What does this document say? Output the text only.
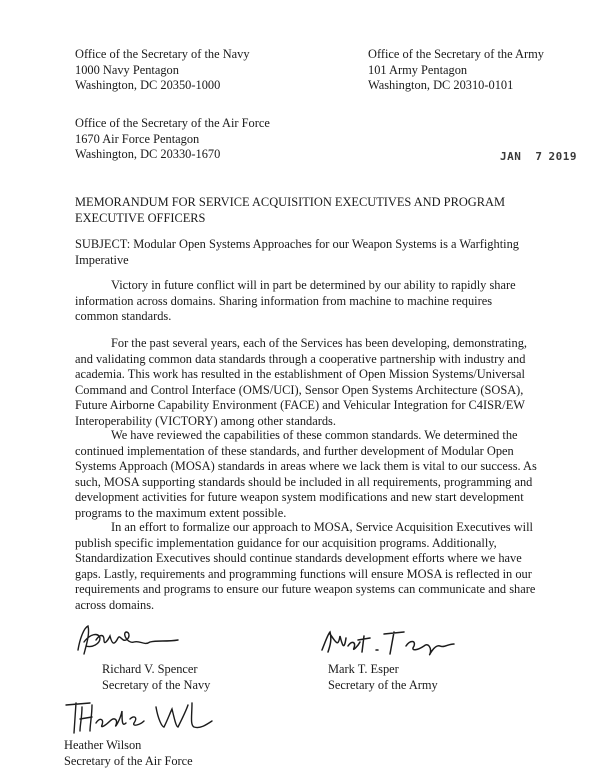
Office of the Secretary of the Navy
1000 Navy Pentagon
Washington, DC 20350-1000
Office of the Secretary of the Army
101 Army Pentagon
Washington, DC 20310-0101
Office of the Secretary of the Air Force
1670 Air Force Pentagon
Washington, DC 20330-1670	JAN 7 2019
MEMORANDUM FOR SERVICE ACQUISITION EXECUTIVES AND PROGRAM EXECUTIVE OFFICERS
SUBJECT: Modular Open Systems Approaches for our Weapon Systems is a Warfighting Imperative
Victory in future conflict will in part be determined by our ability to rapidly share information across domains. Sharing information from machine to machine requires common standards.
For the past several years, each of the Services has been developing, demonstrating, and validating common data standards through a cooperative partnership with industry and academia. This work has resulted in the establishment of Open Mission Systems/Universal Command and Control Interface (OMS/UCI), Sensor Open Systems Architecture (SOSA), Future Airborne Capability Environment (FACE) and Vehicular Integration for C4ISR/EW Interoperability (VICTORY) among other standards.
We have reviewed the capabilities of these common standards. We determined the continued implementation of these standards, and further development of Modular Open Systems Approach (MOSA) standards in areas where we lack them is vital to our success. As such, MOSA supporting standards should be included in all requirements, programming and development activities for future weapon system modifications and new start development programs to the maximum extent possible.
In an effort to formalize our approach to MOSA, Service Acquisition Executives will publish specific implementation guidance for our acquisition programs. Additionally, Standardization Executives should continue standards development efforts where we have gaps. Lastly, requirements and programming functions will ensure MOSA is reflected in our requirements and programs to ensure our future weapon systems can communicate and share across domains.
Richard V. Spencer
Secretary of the Navy
Mark T. Esper
Secretary of the Army
Heather Wilson
Secretary of the Air Force
